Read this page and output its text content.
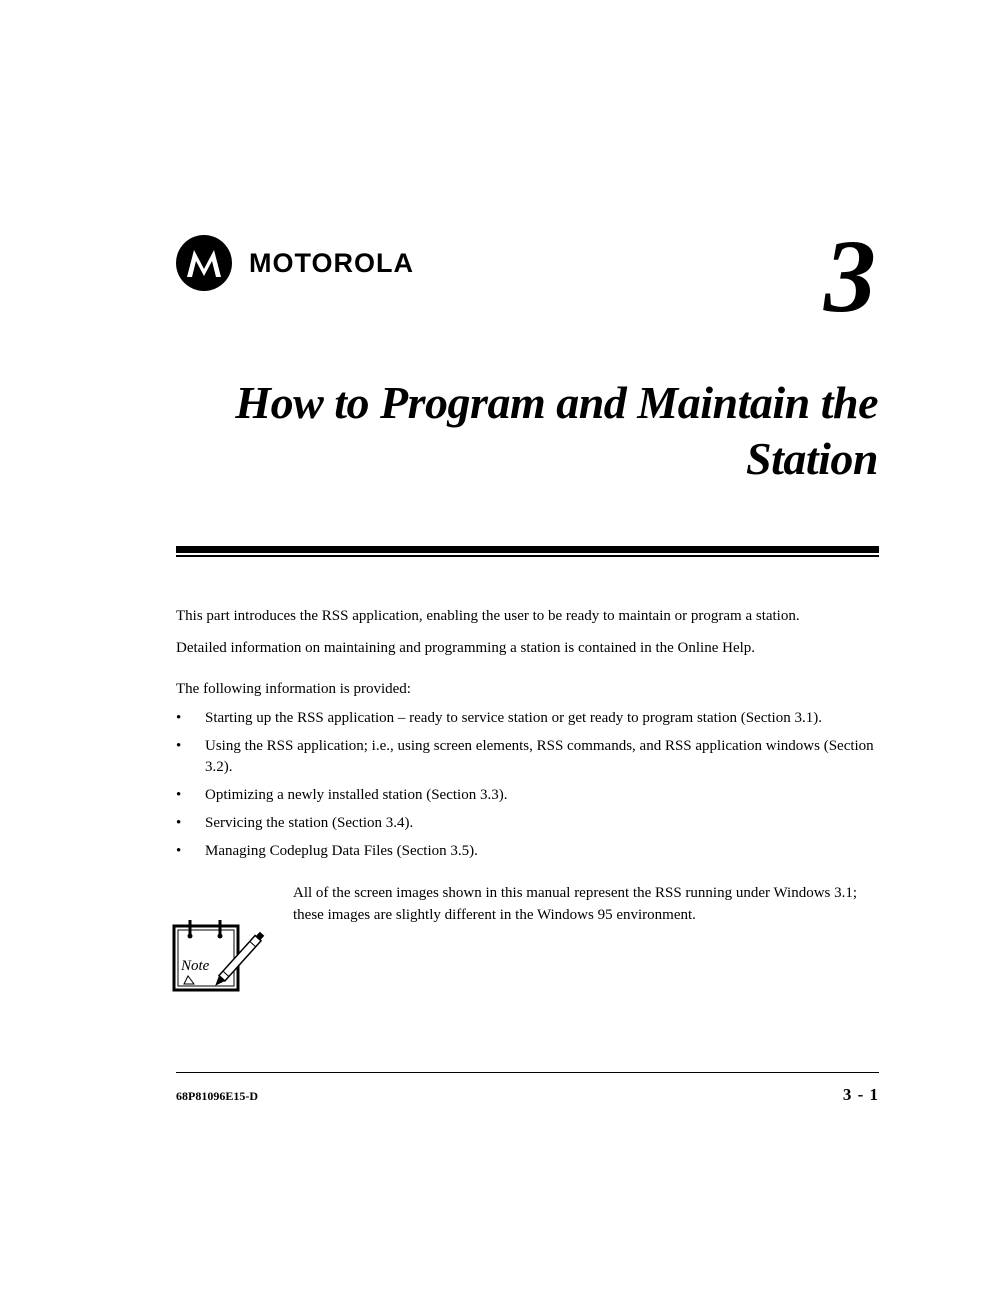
MOTOROLA	3
How to Program and Maintain the Station

This part introduces the RSS application, enabling the user to be ready to maintain or program a station.

Detailed information on maintaining and programming a station is contained in the Online Help.

The following information is provided:

• Starting up the RSS application – ready to service station or get ready to program station (Section 3.1).
• Using the RSS application; i.e., using screen elements, RSS commands, and RSS application windows (Section 3.2).
• Optimizing a newly installed station (Section 3.3).
• Servicing the station (Section 3.4).
• Managing Codeplug Data Files (Section 3.5).
Note

All of the screen images shown in this manual represent the RSS running under Windows 3.1; these images are slightly different in the Windows 95 environment.

68P81096E15-D	3 - 1
